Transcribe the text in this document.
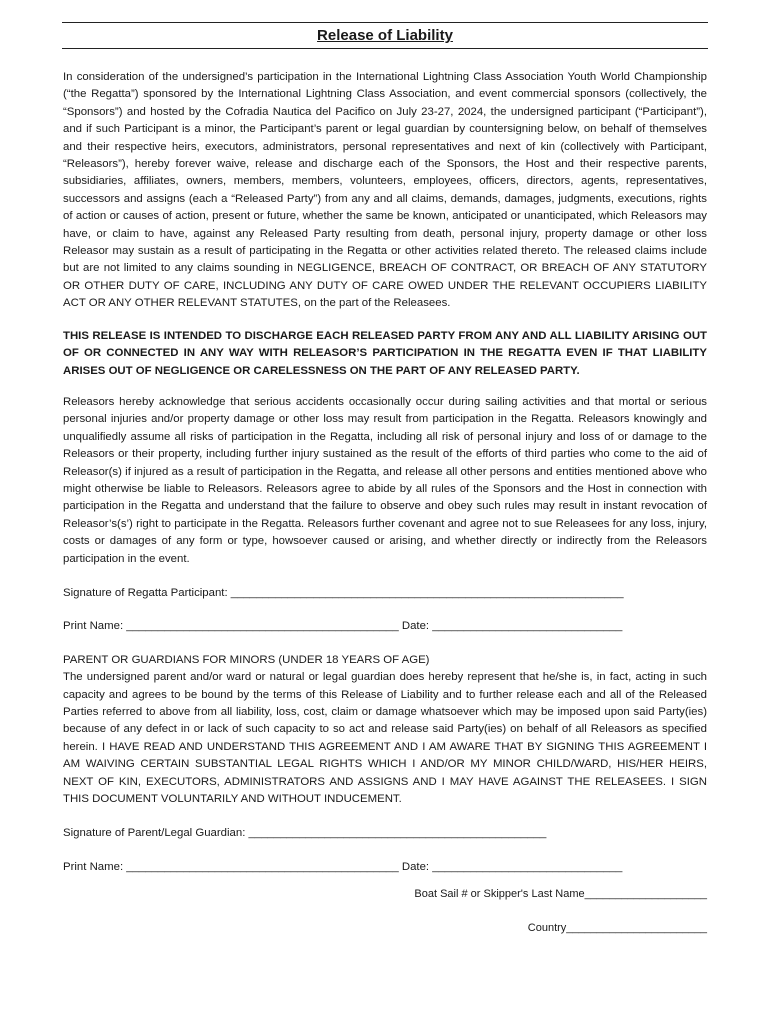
Release of Liability

In consideration of the undersigned’s participation in the International Lightning Class Association Youth World Championship (“the Regatta”) sponsored by the International Lightning Class Association, and event commercial sponsors (collectively, the “Sponsors”) and hosted by the Cofradia Nautica del Pacifico on July 23-27, 2024, the undersigned participant (“Participant”), and if such Participant is a minor, the Participant’s parent or legal guardian by countersigning below, on behalf of themselves and their respective heirs, executors, administrators, personal representatives and next of kin (collectively with Participant, “Releasors”), hereby forever waive, release and discharge each of the Sponsors, the Host and their respective parents, subsidiaries, affiliates, owners, members, members, volunteers, employees, officers, directors, agents, representatives, successors and assigns (each a “Released Party”) from any and all claims, demands, damages, judgments, executions, rights of action or causes of action, present or future, whether the same be known, anticipated or unanticipated, which Releasors may have, or claim to have, against any Released Party resulting from death, personal injury, property damage or other loss Releasor may sustain as a result of participating in the Regatta or other activities related thereto. The released claims include but are not limited to any claims sounding in NEGLIGENCE, BREACH OF CONTRACT, OR BREACH OF ANY STATUTORY OR OTHER DUTY OF CARE, INCLUDING ANY DUTY OF CARE OWED UNDER THE RELEVANT OCCUPIERS LIABILITY ACT OR ANY OTHER RELEVANT STATUTES, on the part of the Releasees.

THIS RELEASE IS INTENDED TO DISCHARGE EACH RELEASED PARTY FROM ANY AND ALL LIABILITY ARISING OUT OF OR CONNECTED IN ANY WAY WITH RELEASOR’S PARTICIPATION IN THE REGATTA EVEN IF THAT LIABILITY ARISES OUT OF NEGLIGENCE OR CARELESSNESS ON THE PART OF ANY RELEASED PARTY.

Releasors hereby acknowledge that serious accidents occasionally occur during sailing activities and that mortal or serious personal injuries and/or property damage or other loss may result from participation in the Regatta. Releasors knowingly and unqualifiedly assume all risks of participation in the Regatta, including all risk of personal injury and loss of or damage to the Releasors or their property, including further injury sustained as the result of the efforts of third parties who come to the aid of Releasor(s) if injured as a result of participation in the Regatta, and release all other persons and entities mentioned above who might otherwise be liable to Releasors. Releasors agree to abide by all rules of the Sponsors and the Host in connection with participation in the Regatta and understand that the failure to observe and obey such rules may result in instant revocation of Releasor’s(s’) right to participate in the Regatta. Releasors further covenant and agree not to sue Releasees for any loss, injury, costs or damages of any form or type, howsoever caused or arising, and whether directly or indirectly from the Releasors participation in the event.

Signature of Regatta Participant: ______________________________________________________________

Print Name: ___________________________________________ Date: ______________________________

PARENT OR GUARDIANS FOR MINORS (UNDER 18 YEARS OF AGE)
The undersigned parent and/or ward or natural or legal guardian does hereby represent that he/she is, in fact, acting in such capacity and agrees to be bound by the terms of this Release of Liability and to further release each and all of the Released Parties referred to above from all liability, loss, cost, claim or damage whatsoever which may be imposed upon said Party(ies) because of any defect in or lack of such capacity to so act and release said Party(ies) on behalf of all Releasors as specified herein. I HAVE READ AND UNDERSTAND THIS AGREEMENT AND I AM AWARE THAT BY SIGNING THIS AGREEMENT I AM WAIVING CERTAIN SUBSTANTIAL LEGAL RIGHTS WHICH I AND/OR MY MINOR CHILD/WARD, HIS/HER HEIRS, NEXT OF KIN, EXECUTORS, ADMINISTRATORS AND ASSIGNS AND I MAY HAVE AGAINST THE RELEASEES. I SIGN THIS DOCUMENT VOLUNTARILY AND WITHOUT INDUCEMENT.

Signature of Parent/Legal Guardian: _______________________________________________

Print Name: ___________________________________________ Date: ______________________________

Boat Sail # or Skipper's Last Name____________________

Country_______________________
